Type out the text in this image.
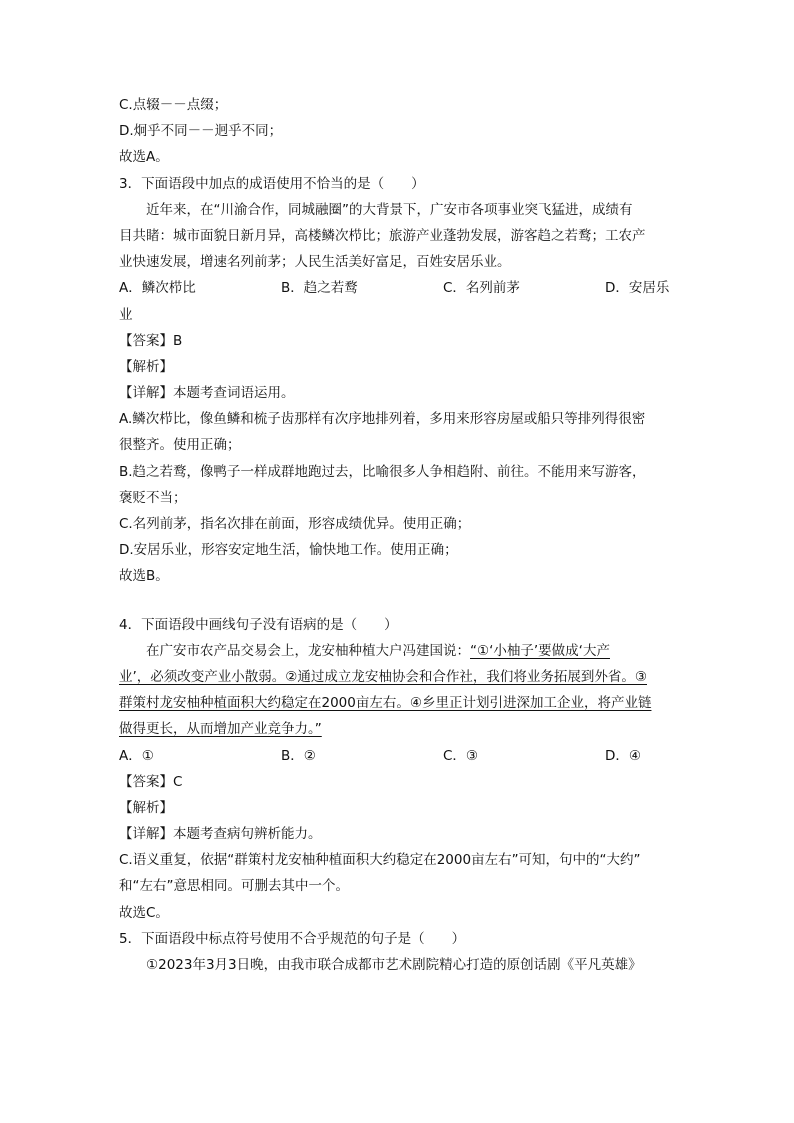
C.点辍－－点缀；

D.炯乎不同－－迥乎不同；

故选A。

3．下面语段中加点的成语使用不恰当的是（　　）

近年来，在“川渝合作，同城融圈”的大背景下，广安市各项事业突飞猛进，成绩有

目共睹：城市面貌日新月异，高楼鳞次栉比；旅游产业蓬勃发展，游客趋之若鹜；工农产

业快速发展，增速名列前茅；人民生活美好富足，百姓安居乐业。

A．鳞次栉比	B．趋之若鹜	C．名列前茅	D．安居乐

业

【答案】B

【解析】

【详解】本题考查词语运用。

A.鳞次栉比，像鱼鳞和梳子齿那样有次序地排列着，多用来形容房屋或船只等排列得很密

很整齐。使用正确；

B.趋之若鹜，像鸭子一样成群地跑过去，比喻很多人争相趋附、前往。不能用来写游客，

褒贬不当；

C.名列前茅，指名次排在前面，形容成绩优异。使用正确；

D.安居乐业，形容安定地生活，愉快地工作。使用正确；

故选B。

4．下面语段中画线句子没有语病的是（　　）

在广安市农产品交易会上，龙安柚种植大户冯建国说：“①‘小柚子’要做成‘大产

业’，必须改变产业小散弱。②通过成立龙安柚协会和合作社，我们将业务拓展到外省。③

群策村龙安柚种植面积大约稳定在2000亩左右。④乡里正计划引进深加工企业，将产业链

做得更长，从而增加产业竞争力。”

A．①	B．②	C．③	D．④

【答案】C

【解析】

【详解】本题考查病句辨析能力。

C.语义重复，依据“群策村龙安柚种植面积大约稳定在2000亩左右”可知，句中的“大约”

和“左右”意思相同。可删去其中一个。

故选C。

5．下面语段中标点符号使用不合乎规范的句子是（　　）

①2023年3月3日晚，由我市联合成都市艺术剧院精心打造的原创话剧《平凡英雄》
